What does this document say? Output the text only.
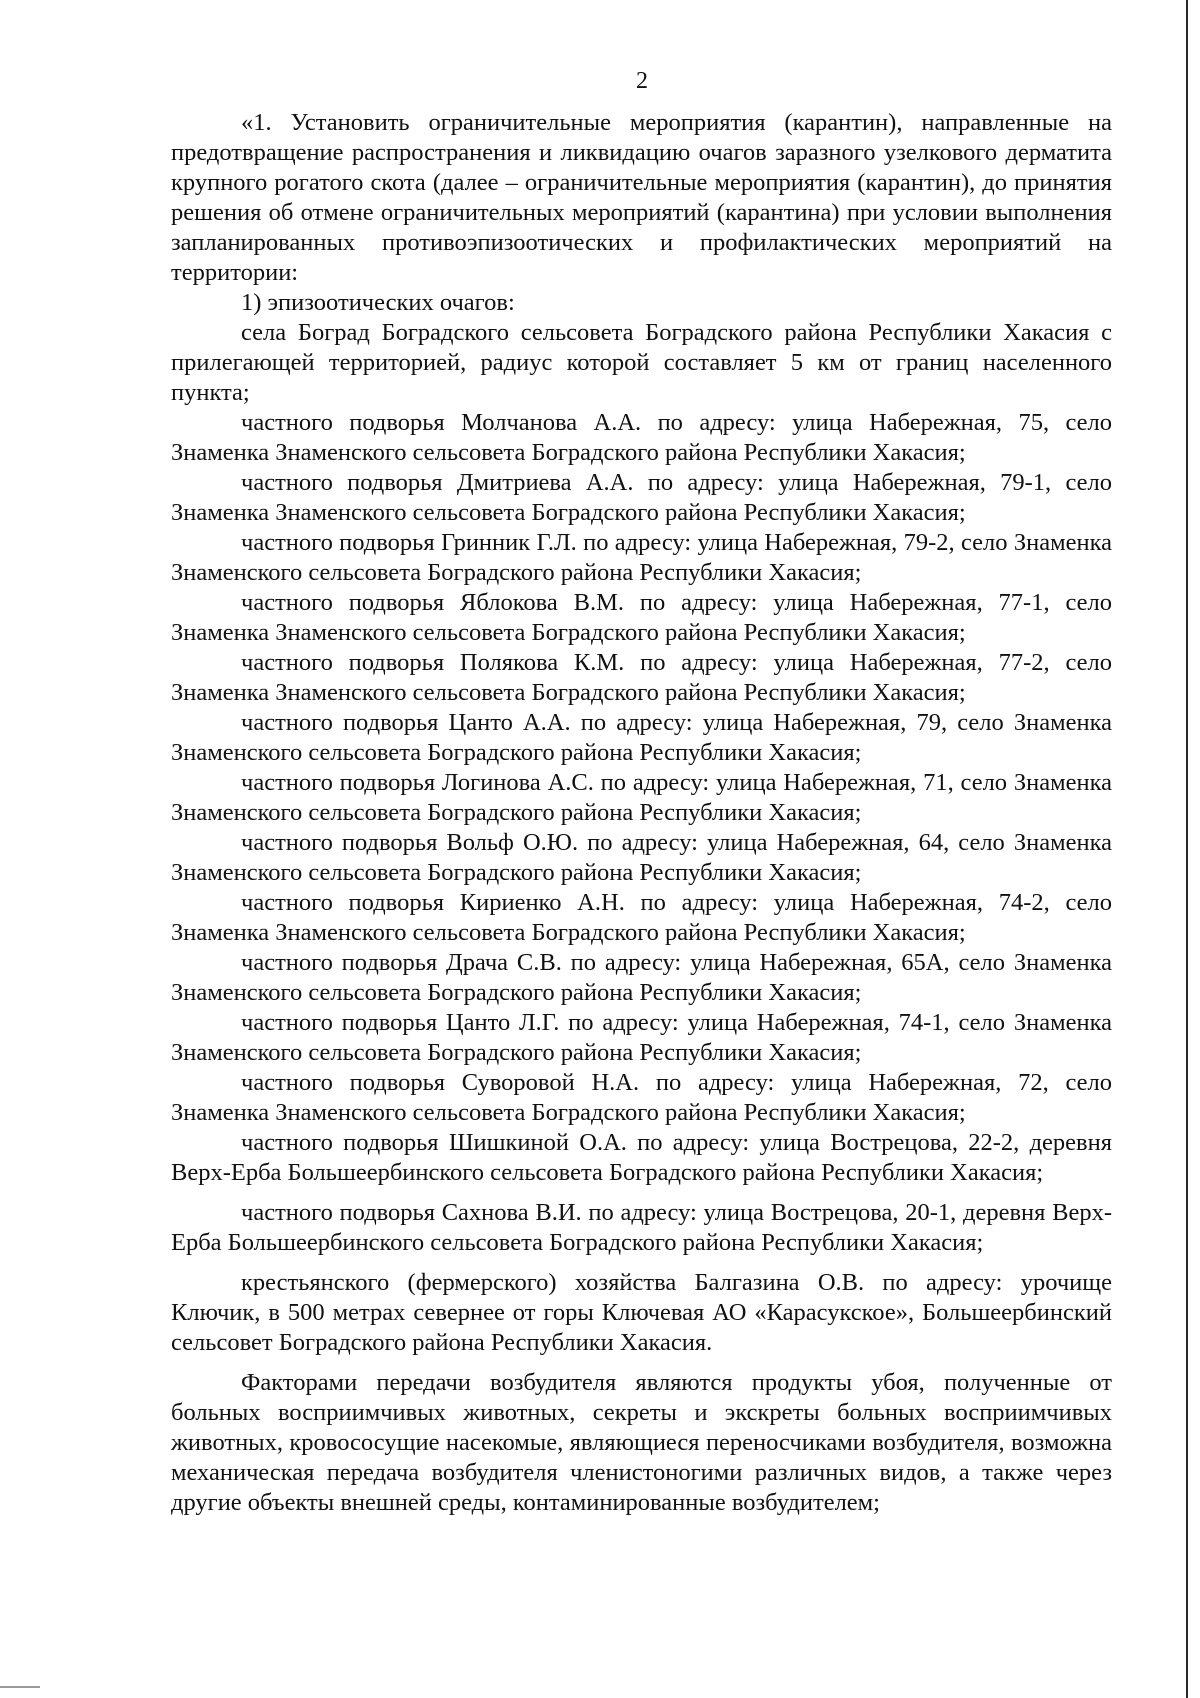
2

«1. Установить ограничительные мероприятия (карантин), направленные на предотвращение распространения и ликвидацию очагов заразного узелкового дерматита крупного рогатого скота (далее – ограничительные мероприятия (карантин), до принятия решения об отмене ограничительных мероприятий (карантина) при условии выполнения запланированных противоэпизоотических и профилактических мероприятий на территории:

1) эпизоотических очагов:

села Боград Боградского сельсовета Боградского района Республики Хакасия с прилегающей территорией, радиус которой составляет 5 км от границ населенного пункта;

частного подворья Молчанова А.А. по адресу: улица Набережная, 75, село Знаменка Знаменского сельсовета Боградского района Республики Хакасия;

частного подворья Дмитриева А.А. по адресу: улица Набережная, 79-1, село Знаменка Знаменского сельсовета Боградского района Республики Хакасия;

частного подворья Гринник Г.Л. по адресу: улица Набережная, 79-2, село Знаменка Знаменского сельсовета Боградского района Республики Хакасия;

частного подворья Яблокова В.М. по адресу: улица Набережная, 77-1, село Знаменка Знаменского сельсовета Боградского района Республики Хакасия;

частного подворья Полякова К.М. по адресу: улица Набережная, 77-2, село Знаменка Знаменского сельсовета Боградского района Республики Хакасия;

частного подворья Цанто А.А. по адресу: улица Набережная, 79, село Знаменка Знаменского сельсовета Боградского района Республики Хакасия;

частного подворья Логинова А.С. по адресу: улица Набережная, 71, село Знаменка Знаменского сельсовета Боградского района Республики Хакасия;

частного подворья Вольф О.Ю. по адресу: улица Набережная, 64, село Знаменка Знаменского сельсовета Боградского района Республики Хакасия;

частного подворья Кириенко А.Н. по адресу: улица Набережная, 74-2, село Знаменка Знаменского сельсовета Боградского района Республики Хакасия;

частного подворья Драча С.В. по адресу: улица Набережная, 65А, село Знаменка Знаменского сельсовета Боградского района Республики Хакасия;

частного подворья Цанто Л.Г. по адресу: улица Набережная, 74-1, село Знаменка Знаменского сельсовета Боградского района Республики Хакасия;

частного подворья Суворовой Н.А. по адресу: улица Набережная, 72, село Знаменка Знаменского сельсовета Боградского района Республики Хакасия;

частного подворья Шишкиной О.А. по адресу: улица Вострецова, 22-2, деревня Верх-Ерба Большеербинского сельсовета Боградского района Республики Хакасия;

частного подворья Сахнова В.И. по адресу: улица Вострецова, 20-1, деревня Верх-Ерба Большеербинского сельсовета Боградского района Республики Хакасия;

крестьянского (фермерского) хозяйства Балгазина О.В. по адресу: урочище Ключик, в 500 метрах севернее от горы Ключевая АО «Карасукское», Большеербинский сельсовет Боградского района Республики Хакасия.

Факторами передачи возбудителя являются продукты убоя, полученные от больных восприимчивых животных, секреты и экскреты больных восприимчивых животных, кровососущие насекомые, являющиеся переносчиками возбудителя, возможна механическая передача возбудителя членистоногими различных видов, а также через другие объекты внешней среды, контаминированные возбудителем;
